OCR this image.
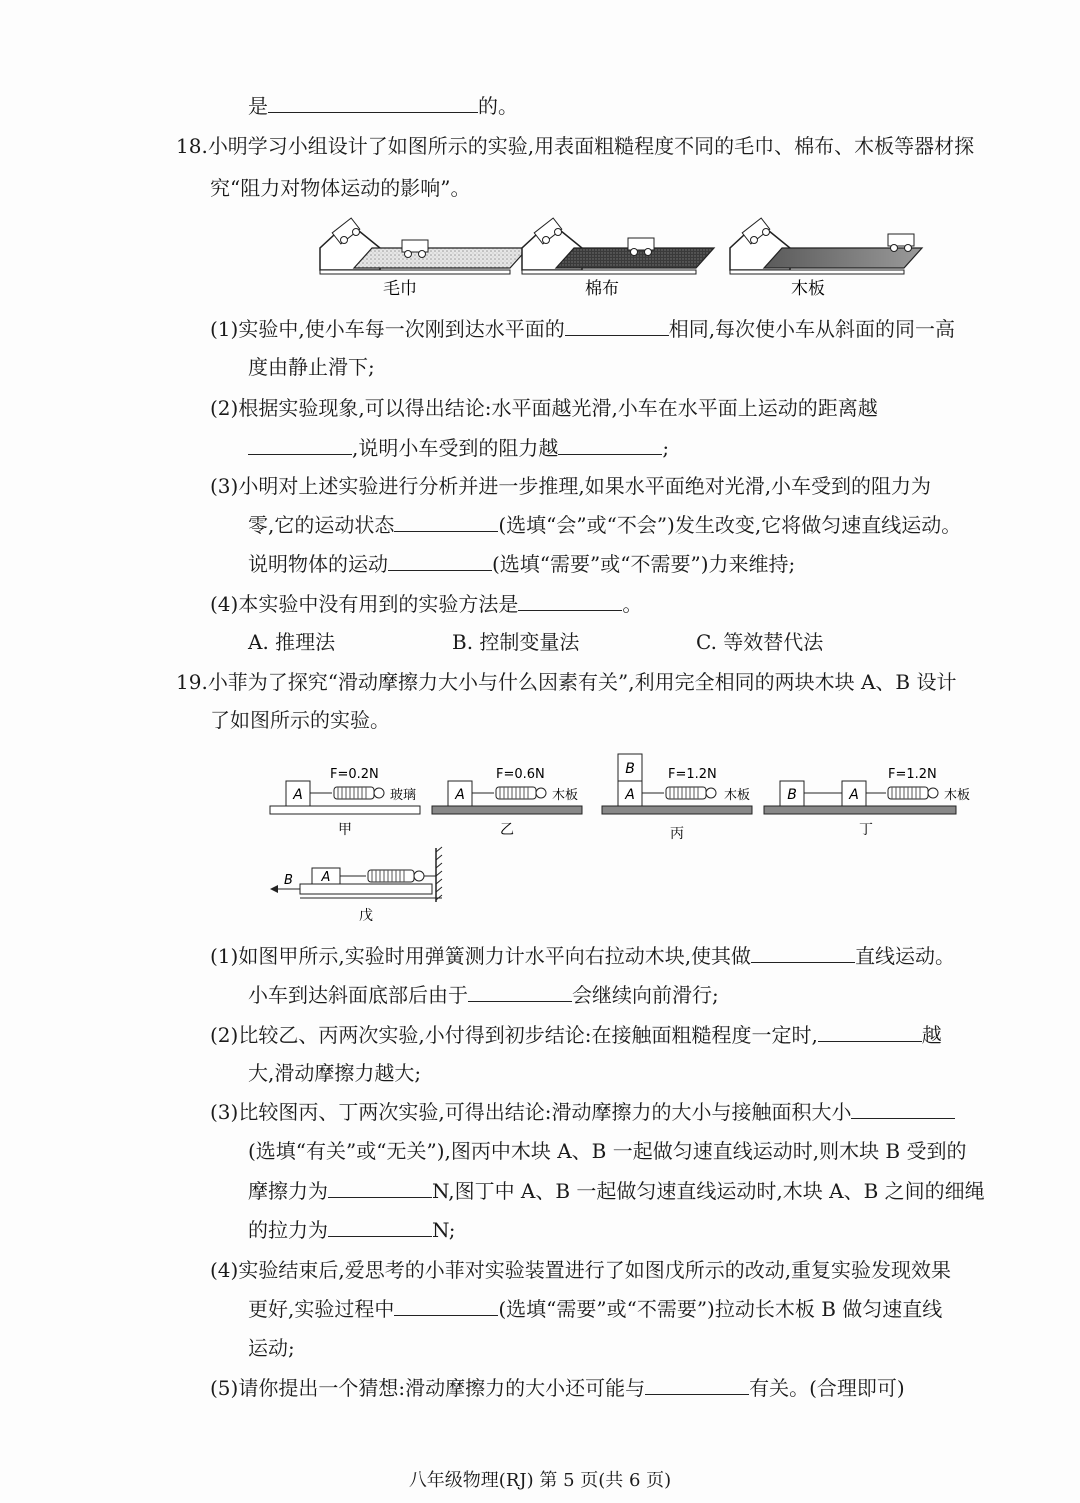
是	的。
18.小明学习小组设计了如图所示的实验,用表面粗糙程度不同的毛巾、棉布、木板等器材探
究“阻力对物体运动的影响”。
毛巾	棉布	木板
(1)实验中,使小车每一次刚到达水平面的	相同,每次使小车从斜面的同一高
度由静止滑下;
(2)根据实验现象,可以得出结论:水平面越光滑,小车在水平面上运动的距离越
,说明小车受到的阻力越	;
(3)小明对上述实验进行分析并进一步推理,如果水平面绝对光滑,小车受到的阻力为
零,它的运动状态	(选填“会”或“不会”)发生改变,它将做匀速直线运动。
说明物体的运动	(选填“需要”或“不需要”)力来维持;
(4)本实验中没有用到的实验方法是	。
A. 推理法	B. 控制变量法	C. 等效替代法
19.小菲为了探究“滑动摩擦力大小与什么因素有关”,利用完全相同的两块木块 A、B 设计
了如图所示的实验。
A
F=0.2N
玻璃
甲
A
F=0.6N
木板
乙
A
B	F=1.2N
木板
丙
B	A
F=1.2N
木板
丁
A
B
戊
(1)如图甲所示,实验时用弹簧测力计水平向右拉动木块,使其做	直线运动。
小车到达斜面底部后由于	会继续向前滑行;
(2)比较乙、丙两次实验,小付得到初步结论:在接触面粗糙程度一定时,	越
大,滑动摩擦力越大;
(3)比较图丙、丁两次实验,可得出结论:滑动摩擦力的大小与接触面积大小
(选填“有关”或“无关”),图丙中木块 A、B 一起做匀速直线运动时,则木块 B 受到的
摩擦力为	N,图丁中 A、B 一起做匀速直线运动时,木块 A、B 之间的细绳
的拉力为	N;
(4)实验结束后,爱思考的小菲对实验装置进行了如图戊所示的改动,重复实验发现效果
更好,实验过程中	(选填“需要”或“不需要”)拉动长木板 B 做匀速直线
运动;
(5)请你提出一个猜想:滑动摩擦力的大小还可能与	有关。(合理即可)
八年级物理(RJ) 第 5 页(共 6 页)
